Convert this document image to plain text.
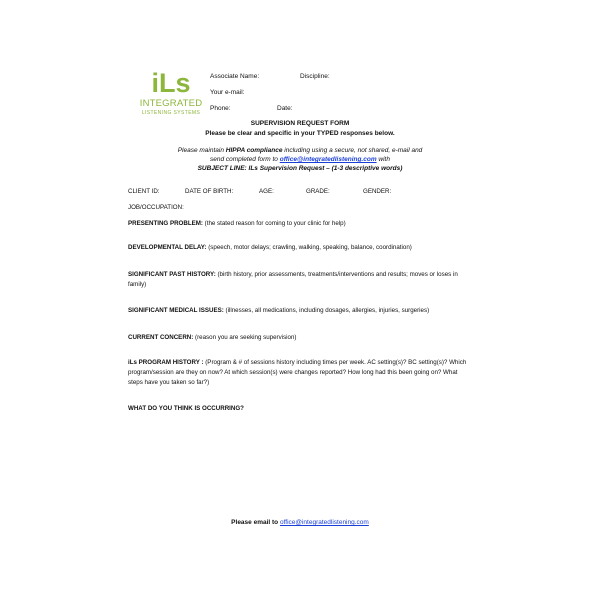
iLs
INTEGRATED
LISTENING SYSTEMS
Associate Name:	Discipline:
Your e-mail:
Phone:	Date:
SUPERVISION REQUEST FORM
Please be clear and specific in your TYPED responses below.
Please maintain HIPPA compliance including using a secure, not shared, e-mail and
send completed form to office@integratedlistening.com with
SUBJECT LINE: ILs Supervision Request – (1-3 descriptive words)
CLIENT ID:	DATE OF BIRTH:	AGE:	GRADE:	GENDER:
JOB/OCCUPATION:
PRESENTING PROBLEM: (the stated reason for coming to your clinic for help)
DEVELOPMENTAL DELAY: (speech, motor delays; crawling, walking, speaking, balance, coordination)
SIGNIFICANT PAST HISTORY: (birth history, prior assessments, treatments/interventions and results; moves or loses in family)
SIGNIFICANT MEDICAL ISSUES: (illnesses, all medications, including dosages, allergies, injuries, surgeries)
CURRENT CONCERN: (reason you are seeking supervision)
iLs PROGRAM HISTORY : (Program & # of sessions history including times per week. AC setting(s)? BC setting(s)? Which program/session are they on now? At which session(s) were changes reported? How long had this been going on? What steps have you taken so far?)
WHAT DO YOU THINK IS OCCURRING?
Please email to office@integratedlistening.com
